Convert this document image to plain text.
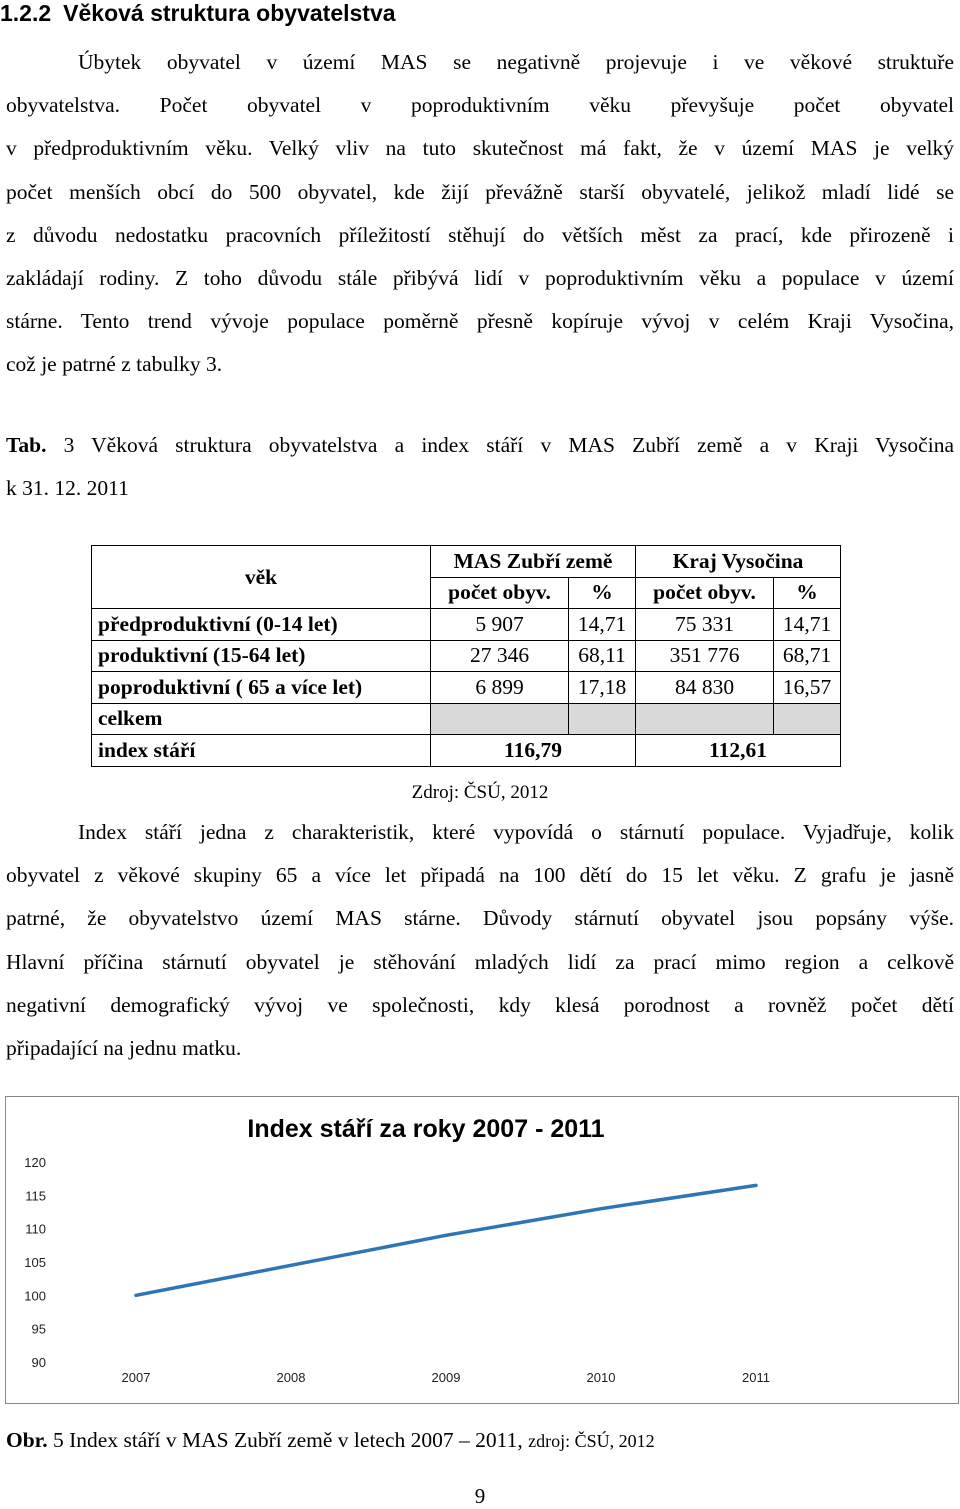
1.2.2 Věková struktura obyvatelstva
Úbytek obyvatel v území MAS se negativně projevuje i ve věkové struktuře
obyvatelstva. Počet obyvatel v poproduktivním věku převyšuje počet obyvatel
v předproduktivním věku. Velký vliv na tuto skutečnost má fakt, že v území MAS je velký
počet menších obcí do 500 obyvatel, kde žijí převážně starší obyvatelé, jelikož mladí lidé se
z důvodu nedostatku pracovních příležitostí stěhují do větších měst za prací, kde přirozeně i
zakládají rodiny. Z toho důvodu stále přibývá lidí v poproduktivním věku a populace v území
stárne. Tento trend vývoje populace poměrně přesně kopíruje vývoj v celém Kraji Vysočina,
což je patrné z tabulky 3.
Tab. 3 Věková struktura obyvatelstva a index stáří v MAS Zubří země a v Kraji Vysočina
k 31. 12. 2011
věk	MAS Zubří země		Kraj Vysočina	
	počet obyv.	%	počet obyv.	%
předproduktivní (0-14 let)	5 907	14,71	75 331	14,71
produktivní (15-64 let)	27 346	68,11	351 776	68,71
poproduktivní ( 65 a více let)	6 899	17,18	84 830	16,57
celkem				
index stáří	116,79		112,61	
Zdroj: ČSÚ, 2012
Index stáří jedna z charakteristik, které vypovídá o stárnutí populace. Vyjadřuje, kolik
obyvatel z věkové skupiny 65 a více let připadá na 100 dětí do 15 let věku. Z grafu je jasně
patrné, že obyvatelstvo území MAS stárne. Důvody stárnutí obyvatel jsou popsány výše.
Hlavní příčina stárnutí obyvatel je stěhování mladých lidí za prací mimo region a celkově
negativní demografický vývoj ve společnosti, kdy klesá porodnost a rovněž počet dětí
připadající na jednu matku.
Index stáří za roky 2007 - 2011
90
95
100
105
110
115
120
2007	2008	2009	2010	2011
Obr. 5 Index stáří v MAS Zubří země v letech 2007 – 2011, zdroj: ČSÚ, 2012
9
